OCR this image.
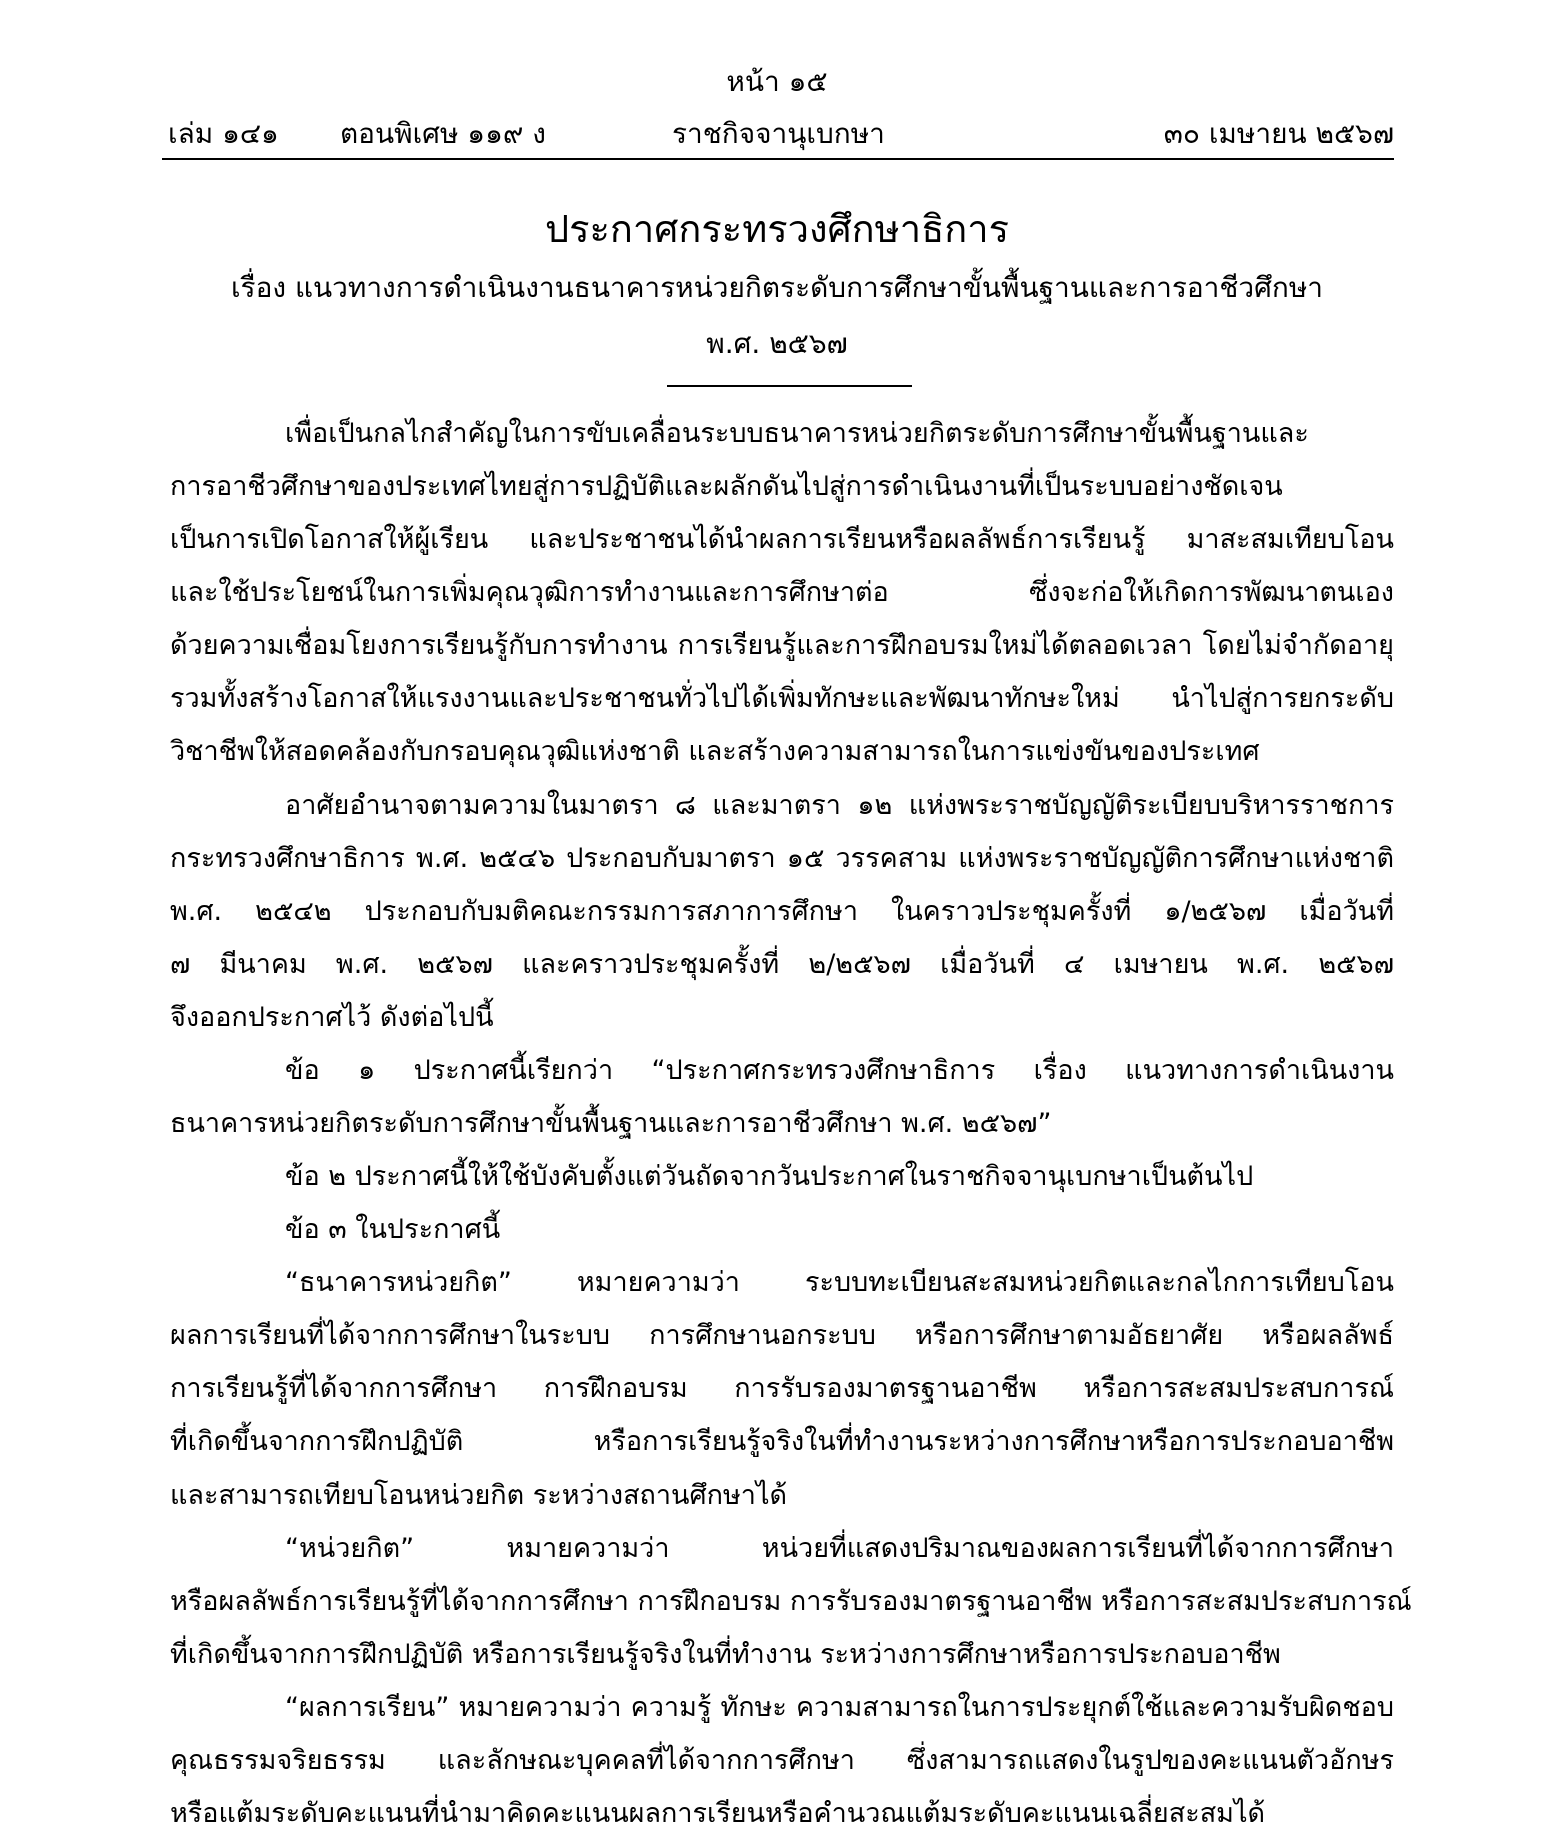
หน้า ๑๕
เล่ม ๑๔๑ ตอนพิเศษ ๑๑๙ ง	ราชกิจจานุเบกษา	๓๐ เมษายน ๒๕๖๗
ประกาศกระทรวงศึกษาธิการ
เรื่อง แนวทางการดำเนินงานธนาคารหน่วยกิตระดับการศึกษาขั้นพื้นฐานและการอาชีวศึกษา
พ.ศ. ๒๕๖๗
เพื่อเป็นกลไกสำคัญในการขับเคลื่อนระบบธนาคารหน่วยกิตระดับการศึกษาขั้นพื้นฐานและ
การอาชีวศึกษาของประเทศไทยสู่การปฏิบัติและผลักดันไปสู่การดำเนินงานที่เป็นระบบอย่างชัดเจน
เป็นการเปิดโอกาสให้ผู้เรียน และประชาชนได้นำผลการเรียนหรือผลลัพธ์การเรียนรู้ มาสะสมเทียบโอน
และใช้ประโยชน์ในการเพิ่มคุณวุฒิการทำงานและการศึกษาต่อ ซึ่งจะก่อให้เกิดการพัฒนาตนเอง
ด้วยความเชื่อมโยงการเรียนรู้กับการทำงาน การเรียนรู้และการฝึกอบรมใหม่ได้ตลอดเวลา โดยไม่จำกัดอายุ
รวมทั้งสร้างโอกาสให้แรงงานและประชาชนทั่วไปได้เพิ่มทักษะและพัฒนาทักษะใหม่ นำไปสู่การยกระดับ
วิชาชีพให้สอดคล้องกับกรอบคุณวุฒิแห่งชาติ และสร้างความสามารถในการแข่งขันของประเทศ
อาศัยอำนาจตามความในมาตรา ๘ และมาตรา ๑๒ แห่งพระราชบัญญัติระเบียบบริหารราชการ
กระทรวงศึกษาธิการ พ.ศ. ๒๕๔๖ ประกอบกับมาตรา ๑๕ วรรคสาม แห่งพระราชบัญญัติการศึกษาแห่งชาติ
พ.ศ. ๒๕๔๒ ประกอบกับมติคณะกรรมการสภาการศึกษา ในคราวประชุมครั้งที่ ๑/๒๕๖๗ เมื่อวันที่
๗ มีนาคม พ.ศ. ๒๕๖๗ และคราวประชุมครั้งที่ ๒/๒๕๖๗ เมื่อวันที่ ๔ เมษายน พ.ศ. ๒๕๖๗
จึงออกประกาศไว้ ดังต่อไปนี้
ข้อ ๑ ประกาศนี้เรียกว่า “ประกาศกระทรวงศึกษาธิการ เรื่อง แนวทางการดำเนินงาน
ธนาคารหน่วยกิตระดับการศึกษาขั้นพื้นฐานและการอาชีวศึกษา พ.ศ. ๒๕๖๗”
ข้อ ๒ ประกาศนี้ให้ใช้บังคับตั้งแต่วันถัดจากวันประกาศในราชกิจจานุเบกษาเป็นต้นไป
ข้อ ๓ ในประกาศนี้
“ธนาคารหน่วยกิต” หมายความว่า ระบบทะเบียนสะสมหน่วยกิตและกลไกการเทียบโอน
ผลการเรียนที่ได้จากการศึกษาในระบบ การศึกษานอกระบบ หรือการศึกษาตามอัธยาศัย หรือผลลัพธ์
การเรียนรู้ที่ได้จากการศึกษา การฝึกอบรม การรับรองมาตรฐานอาชีพ หรือการสะสมประสบการณ์
ที่เกิดขึ้นจากการฝึกปฏิบัติ หรือการเรียนรู้จริงในที่ทำงานระหว่างการศึกษาหรือการประกอบอาชีพ
และสามารถเทียบโอนหน่วยกิต ระหว่างสถานศึกษาได้
“หน่วยกิต” หมายความว่า หน่วยที่แสดงปริมาณของผลการเรียนที่ได้จากการศึกษา
หรือผลลัพธ์การเรียนรู้ที่ได้จากการศึกษา การฝึกอบรม การรับรองมาตรฐานอาชีพ หรือการสะสมประสบการณ์
ที่เกิดขึ้นจากการฝึกปฏิบัติ หรือการเรียนรู้จริงในที่ทำงาน ระหว่างการศึกษาหรือการประกอบอาชีพ
“ผลการเรียน” หมายความว่า ความรู้ ทักษะ ความสามารถในการประยุกต์ใช้และความรับผิดชอบ
คุณธรรมจริยธรรม และลักษณะบุคคลที่ได้จากการศึกษา ซึ่งสามารถแสดงในรูปของคะแนนตัวอักษร
หรือแต้มระดับคะแนนที่นำมาคิดคะแนนผลการเรียนหรือคำนวณแต้มระดับคะแนนเฉลี่ยสะสมได้
